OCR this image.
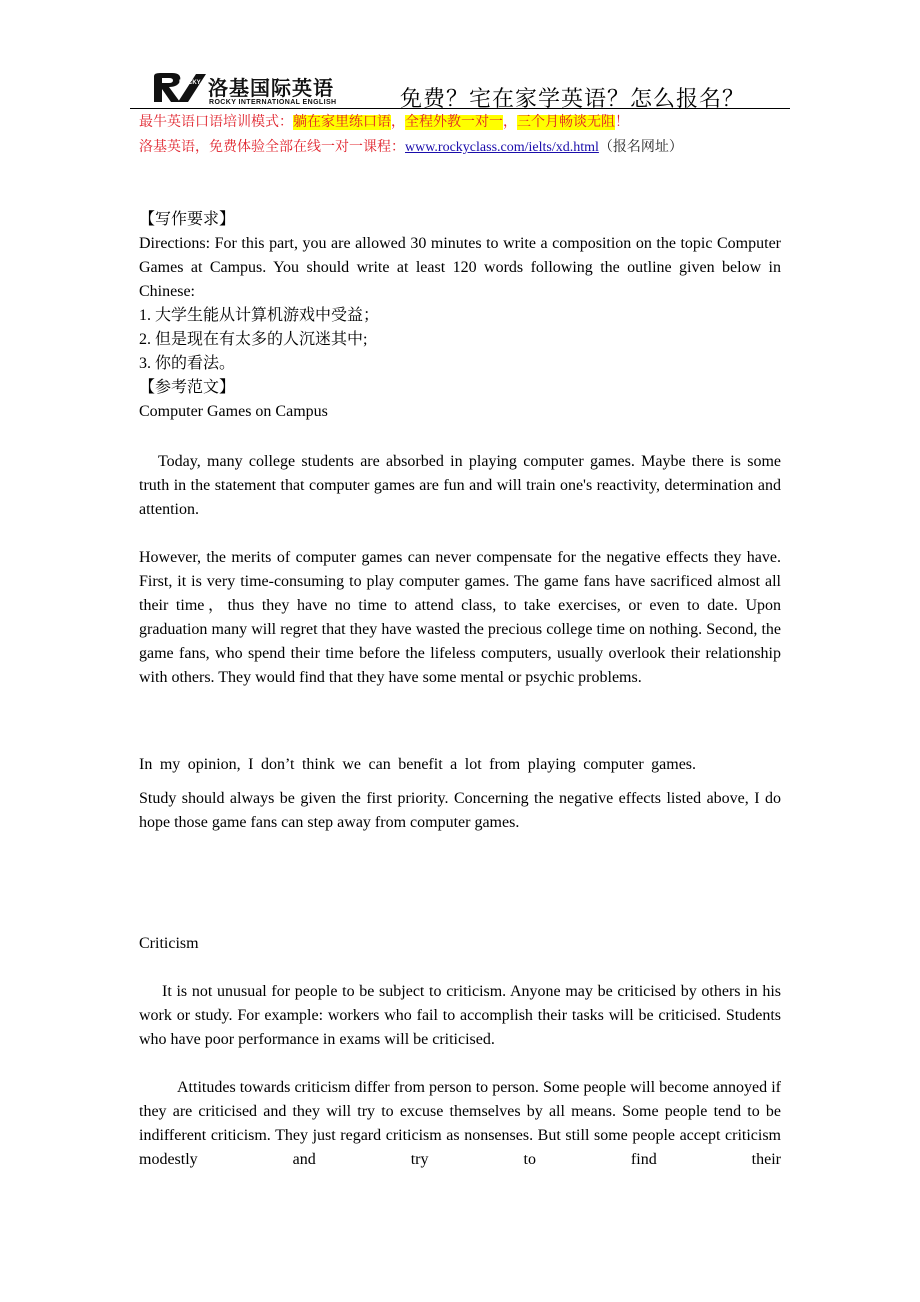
ROCKY 洛基国际英语
ROCKY INTERNATIONAL ENGLISH	免费？宅在家学英语？怎么报名？
最牛英语口语培训模式：躺在家里练口语，全程外教一对一，三个月畅谈无阻！
洛基英语，免费体验全部在线一对一课程：www.rockyclass.com/ielts/xd.html（报名网址）

【写作要求】

Directions: For this part, you are allowed 30 minutes to write a composition on the topic Computer Games at Campus. You should write at least 120 words following the outline given below in Chinese:

1. 大学生能从计算机游戏中受益；

2. 但是现在有太多的人沉迷其中;

3. 你的看法。

【参考范文】

Computer Games on Campus

Today, many college students are absorbed in playing computer games. Maybe there is some truth in the statement that computer games are fun and will train one's reactivity, determination and attention.
However, the merits of computer games can never compensate for the negative effects they have. First, it is very time-consuming to play computer games. The game fans have sacrificed almost all their time，thus they have no time to attend class, to take exercises, or even to date. Upon graduation many will regret that they have wasted the precious college time on nothing. Second, the game fans, who spend their time before the lifeless computers, usually overlook their relationship with others. They would find that they have some mental or psychic problems.

In my opinion, I don’t think we can benefit a lot from playing computer games.

Study should always be given the first priority. Concerning the negative effects listed above, I do hope those game fans can step away from computer games.
Criticism
It is not unusual for people to be subject to criticism. Anyone may be criticised by others in his work or study. For example: workers who fail to accomplish their tasks will be criticised. Students who have poor performance in exams will be criticised.
Attitudes towards criticism differ from person to person. Some people will become annoyed if they are criticised and they will try to excuse themselves by all means. Some people tend to be indifferent criticism. They just regard criticism as nonsenses. But still some people accept criticism modestly and try to find their
